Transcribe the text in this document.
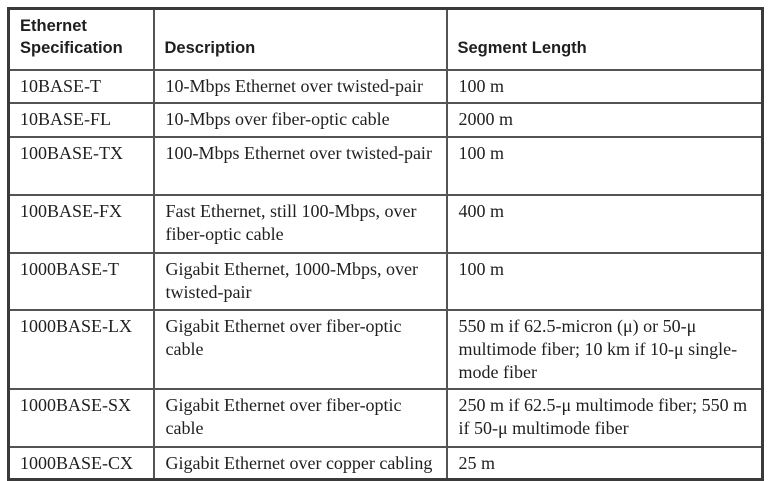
Ethernet Specification	Description	Segment Length
10BASE-T	10-Mbps Ethernet over twisted-pair	100 m
10BASE-FL	10-Mbps over fiber-optic cable	2000 m
100BASE-TX	100-Mbps Ethernet over twisted-pair	100 m
100BASE-FX	Fast Ethernet, still 100-Mbps, over fiber-optic cable	400 m
1000BASE-T	Gigabit Ethernet, 1000-Mbps, over twisted-pair	100 m
1000BASE-LX	Gigabit Ethernet over fiber-optic cable	550 m if 62.5-micron (μ) or 50-μ multimode fiber; 10 km if 10-μ single-mode fiber
1000BASE-SX	Gigabit Ethernet over fiber-optic cable	250 m if 62.5-μ multimode fiber; 550 m if 50-μ multimode fiber
1000BASE-CX	Gigabit Ethernet over copper cabling	25 m
